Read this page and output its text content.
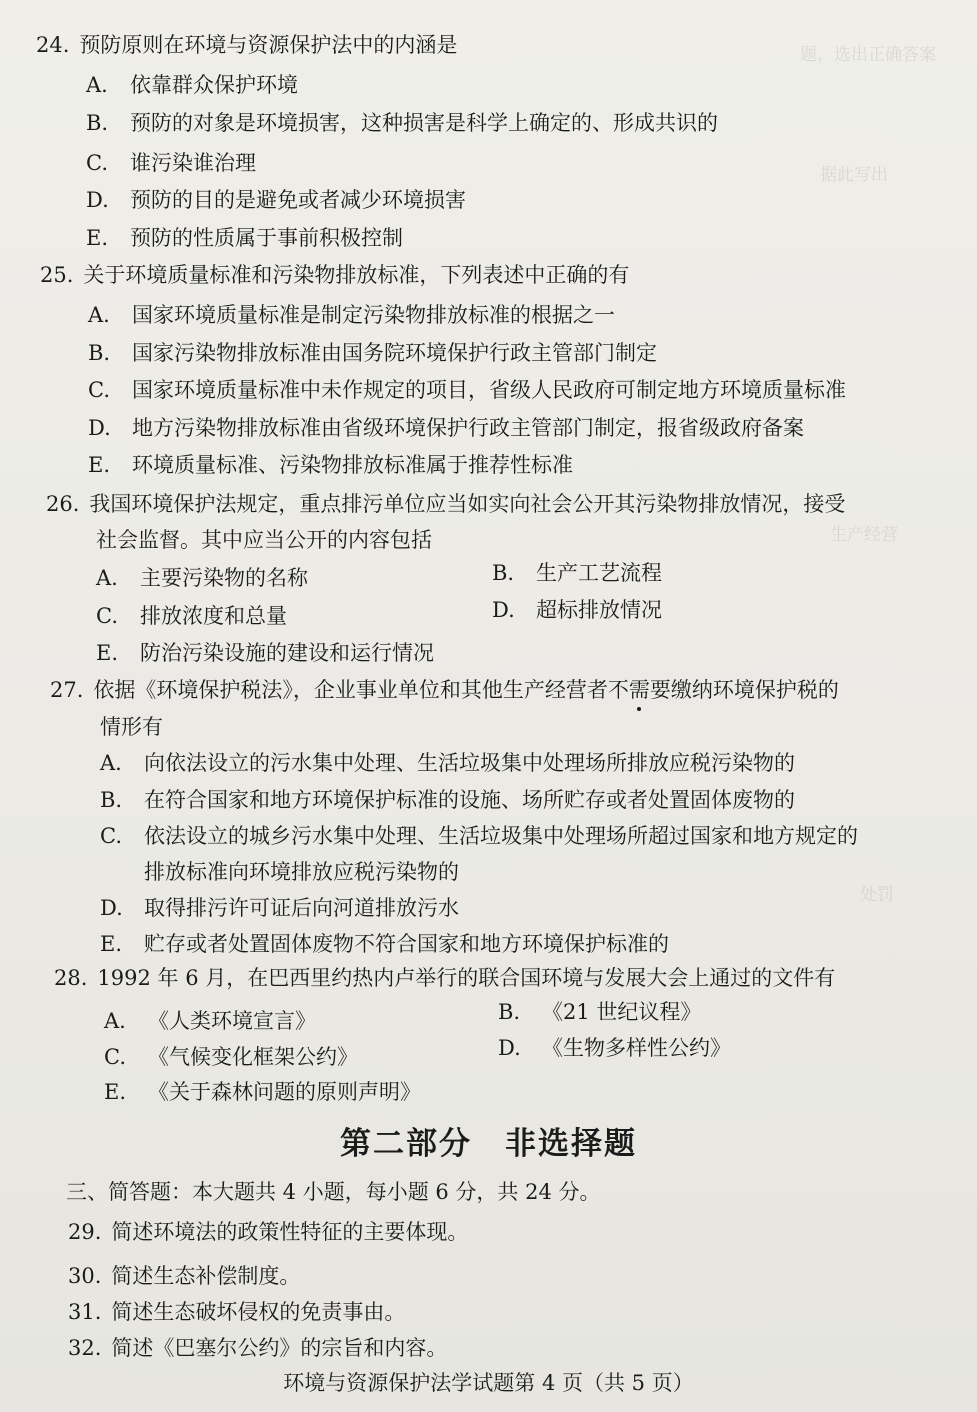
题，选出正确答案
据此写出
生产经营
处罚
24. 预防原则在环境与资源保护法中的内涵是
A. 依靠群众保护环境
B. 预防的对象是环境损害，这种损害是科学上确定的、形成共识的
C. 谁污染谁治理
D. 预防的目的是避免或者减少环境损害
E. 预防的性质属于事前积极控制
25. 关于环境质量标准和污染物排放标准，下列表述中正确的有
A. 国家环境质量标准是制定污染物排放标准的根据之一
B. 国家污染物排放标准由国务院环境保护行政主管部门制定
C. 国家环境质量标准中未作规定的项目，省级人民政府可制定地方环境质量标准
D. 地方污染物排放标准由省级环境保护行政主管部门制定，报省级政府备案
E. 环境质量标准、污染物排放标准属于推荐性标准
26. 我国环境保护法规定，重点排污单位应当如实向社会公开其污染物排放情况，接受
社会监督。其中应当公开的内容包括
A. 主要污染物的名称	B. 生产工艺流程
C. 排放浓度和总量	D. 超标排放情况
E. 防治污染设施的建设和运行情况
27. 依据《环境保护税法》，企业事业单位和其他生产经营者不需要缴纳环境保护税的
情形有
A. 向依法设立的污水集中处理、生活垃圾集中处理场所排放应税污染物的
B. 在符合国家和地方环境保护标准的设施、场所贮存或者处置固体废物的
C. 依法设立的城乡污水集中处理、生活垃圾集中处理场所超过国家和地方规定的
排放标准向环境排放应税污染物的
D. 取得排污许可证后向河道排放污水
E. 贮存或者处置固体废物不符合国家和地方环境保护标准的
28. 1992 年 6 月，在巴西里约热内卢举行的联合国环境与发展大会上通过的文件有
A. 《人类环境宣言》	B. 《21 世纪议程》
C. 《气候变化框架公约》	D. 《生物多样性公约》
E. 《关于森林问题的原则声明》
第二部分　非选择题
三、简答题：本大题共 4 小题，每小题 6 分，共 24 分。
29. 简述环境法的政策性特征的主要体现。
30. 简述生态补偿制度。
31. 简述生态破坏侵权的免责事由。
32. 简述《巴塞尔公约》的宗旨和内容。
环境与资源保护法学试题第 4 页（共 5 页）
